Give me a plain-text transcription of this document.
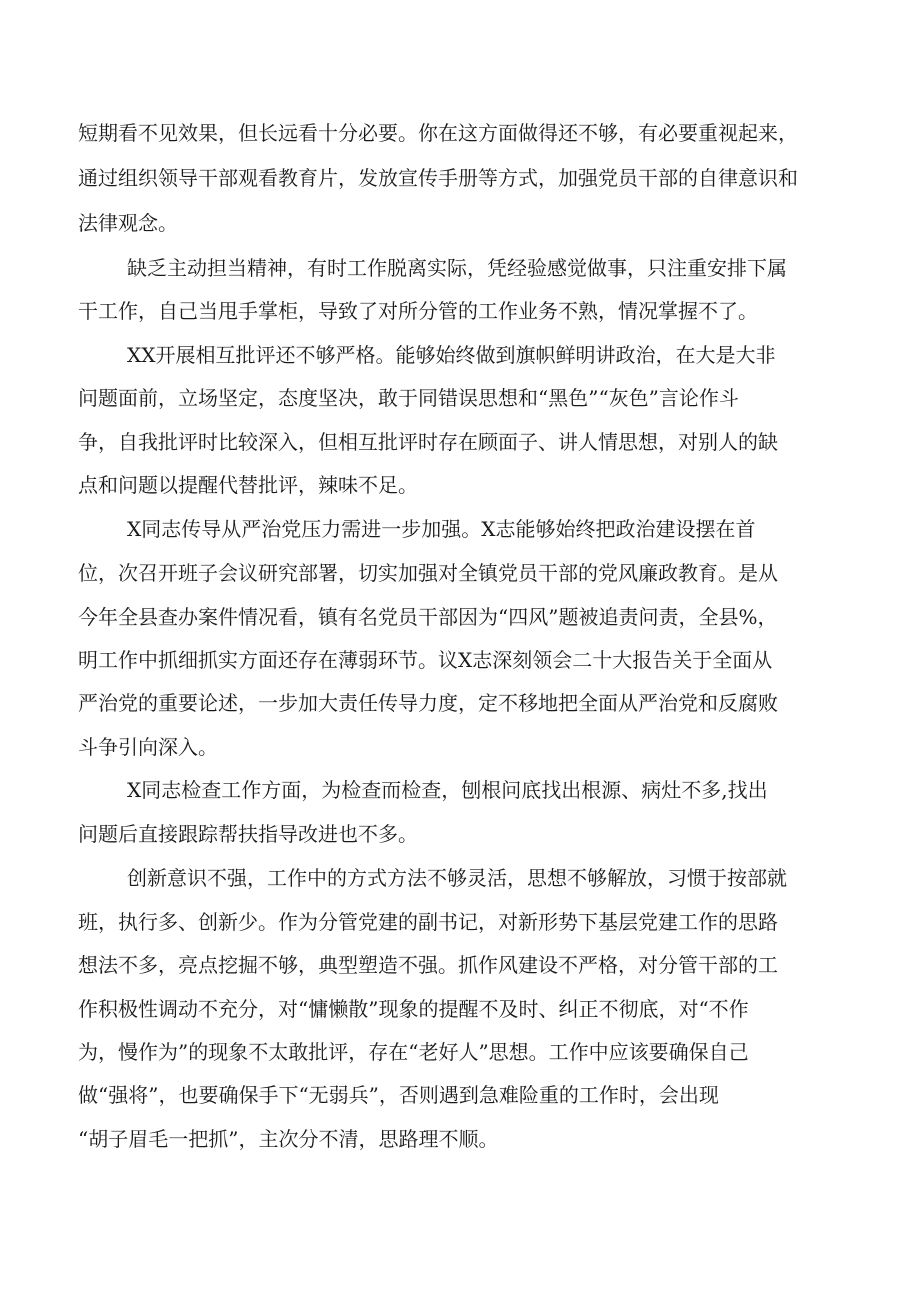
短期看不见效果，但长远看十分必要。你在这方面做得还不够，有必要重视起来，

通过组织领导干部观看教育片，发放宣传手册等方式，加强党员干部的自律意识和

法律观念。

缺乏主动担当精神，有时工作脱离实际，凭经验感觉做事，只注重安排下属

干工作，自己当甩手掌柜，导致了对所分管的工作业务不熟，情况掌握不了。

XX开展相互批评还不够严格。能够始终做到旗帜鲜明讲政治，在大是大非

问题面前，立场坚定，态度坚决，敢于同错误思想和“黑色”“灰色”言论作斗

争，自我批评时比较深入，但相互批评时存在顾面子、讲人情思想，对别人的缺

点和问题以提醒代替批评，辣味不足。

X同志传导从严治党压力需进一步加强。X志能够始终把政治建设摆在首

位，次召开班子会议研究部署，切实加强对全镇党员干部的党风廉政教育。是从

今年全县查办案件情况看，镇有名党员干部因为“四风”题被追责问责，全县%，

明工作中抓细抓实方面还存在薄弱环节。议X志深刻领会二十大报告关于全面从

严治党的重要论述，一步加大责任传导力度，定不移地把全面从严治党和反腐败

斗争引向深入。

X同志检查工作方面，为检查而检查，刨根问底找出根源、病灶不多,找出

问题后直接跟踪帮扶指导改进也不多。

创新意识不强，工作中的方式方法不够灵活，思想不够解放，习惯于按部就

班，执行多、创新少。作为分管党建的副书记，对新形势下基层党建工作的思路

想法不多，亮点挖掘不够，典型塑造不强。抓作风建设不严格，对分管干部的工

作积极性调动不充分，对“慵懒散”现象的提醒不及时、纠正不彻底，对“不作

为，慢作为”的现象不太敢批评，存在“老好人”思想。工作中应该要确保自己

做“强将”，也要确保手下“无弱兵”，否则遇到急难险重的工作时，会出现

“胡子眉毛一把抓”，主次分不清，思路理不顺。
